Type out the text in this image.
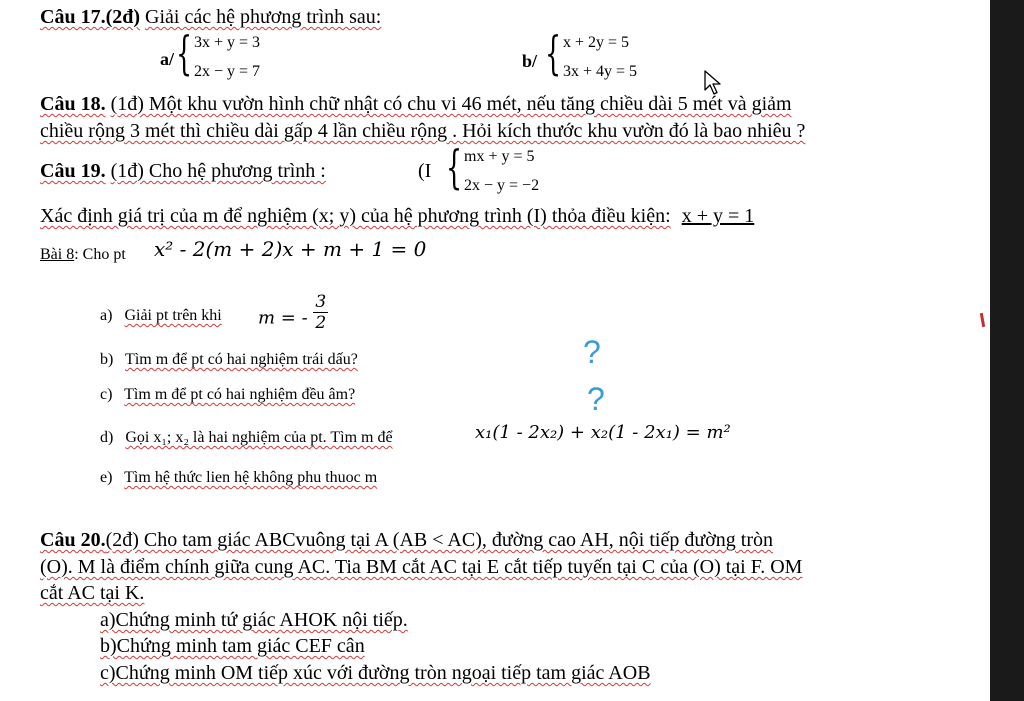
Câu 17.(2đ) Giải các hệ phương trình sau:
a/ { 3x + y = 3
2x − y = 7
b/ { x + 2y = 5
3x + 4y = 5
Câu 18. (1đ) Một khu vườn hình chữ nhật có chu vi 46 mét, nếu tăng chiều dài 5 mét và giảm
chiều rộng 3 mét thì chiều dài gấp 4 lần chiều rộng . Hỏi kích thước khu vườn đó là bao nhiêu ?
Câu 19. (1đ) Cho hệ phương trình :	(I { mx + y = 5
2x − y = −2
Xác định giá trị của m để nghiệm (x; y) của hệ phương trình (I) thỏa điều kiện: x + y = 1
Bài 8: Cho pt x² - 2(m + 2)x + m + 1 = 0
a) Giải pt trên khi m = - $\frac{3}{2}$
b) Tìm m để pt có hai nghiệm trái dấu?	?
c) Tìm m để pt có hai nghiệm đều âm?	?
d) Gọi x₁; x₂ là hai nghiệm của pt. Tìm m để	x₁(1 - 2x₂) + x₂(1 - 2x₁) = m²
e) Tìm hệ thức lien hệ không phu thuoc m
Câu 20.(2đ) Cho tam giác ABCvuông tại A (AB < AC), đường cao AH, nội tiếp đường tròn
(O). M là điểm chính giữa cung AC. Tia BM cắt AC tại E cắt tiếp tuyến tại C của (O) tại F. OM
cắt AC tại K.
a)Chứng minh tứ giác AHOK nội tiếp.
b)Chứng minh tam giác CEF cân
c)Chứng minh OM tiếp xúc với đường tròn ngoại tiếp tam giác AOB
